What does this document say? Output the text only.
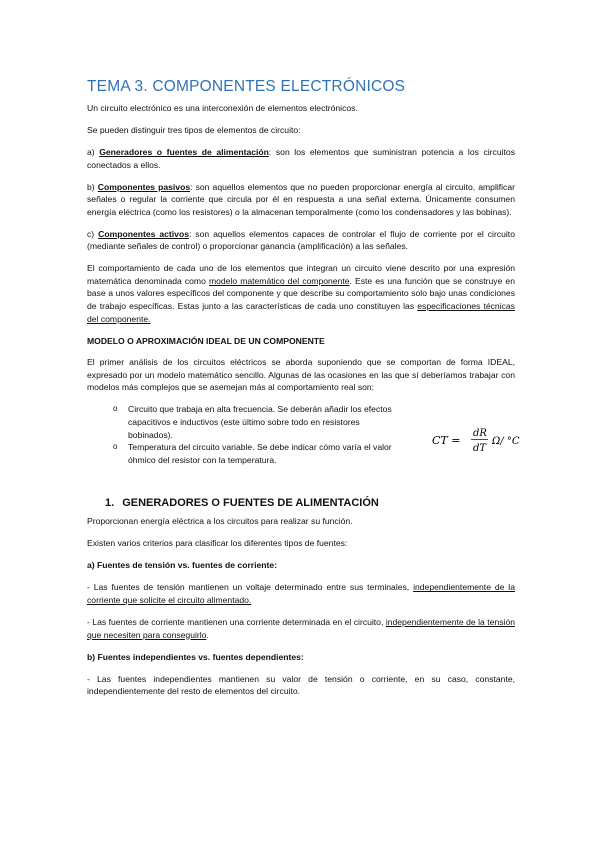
TEMA 3. COMPONENTES ELECTRÓNICOS

Un circuito electrónico es una interconexión de elementos electrónicos.

Se pueden distinguir tres tipos de elementos de circuito:

a) Generadores o fuentes de alimentación: son los elementos que suministran potencia a los circuitos conectados a ellos.

b) Componentes pasivos: son aquellos elementos que no pueden proporcionar energía al circuito, amplificar señales o regular la corriente que circula por él en respuesta a una señal externa. Únicamente consumen energía eléctrica (como los resistores) o la almacenan temporalmente (como los condensadores y las bobinas).

c) Componentes activos: son aquellos elementos capaces de controlar el flujo de corriente por el circuito (mediante señales de control) o proporcionar ganancia (amplificación) a las señales.

El comportamiento de cada uno de los elementos que integran un circuito viene descrito por una expresión matemática denominada como modelo matemático del componente. Este es una función que se construye en base a unos valores específicos del componente y que describe su comportamiento solo bajo unas condiciones de trabajo específicas. Estas junto a las características de cada uno constituyen las especificaciones técnicas del componente.

MODELO O APROXIMACIÓN IDEAL DE UN COMPONENTE

El primer análisis de los circuitos eléctricos se aborda suponiendo que se comportan de forma IDEAL, expresado por un modelo matemático sencillo. Algunas de las ocasiones en las que sí deberíamos trabajar con modelos más complejos que se asemejan más al comportamiento real son:

o Circuito que trabaja en alta frecuencia. Se deberán añadir los efectos capacitivos e inductivos (este último sobre todo en resistores bobinados).
o Temperatura del circuito variable. Se debe indicar cómo varía el valor óhmico del resistor con la temperatura.
CT =
dR
dT
Ω/ °C
1. GENERADORES O FUENTES DE ALIMENTACIÓN

Proporcionan energía eléctrica a los circuitos para realizar su función.

Existen varios criterios para clasificar los diferentes tipos de fuentes:

a) Fuentes de tensión vs. fuentes de corriente:

- Las fuentes de tensión mantienen un voltaje determinado entre sus terminales, independientemente de la corriente que solicite el circuito alimentado.

- Las fuentes de corriente mantienen una corriente determinada en el circuito, independientemente de la tensión que necesiten para conseguirlo.

b) Fuentes independientes vs. fuentes dependientes:

- Las fuentes independientes mantienen su valor de tensión o corriente, en su caso, constante, independientemente del resto de elementos del circuito.
